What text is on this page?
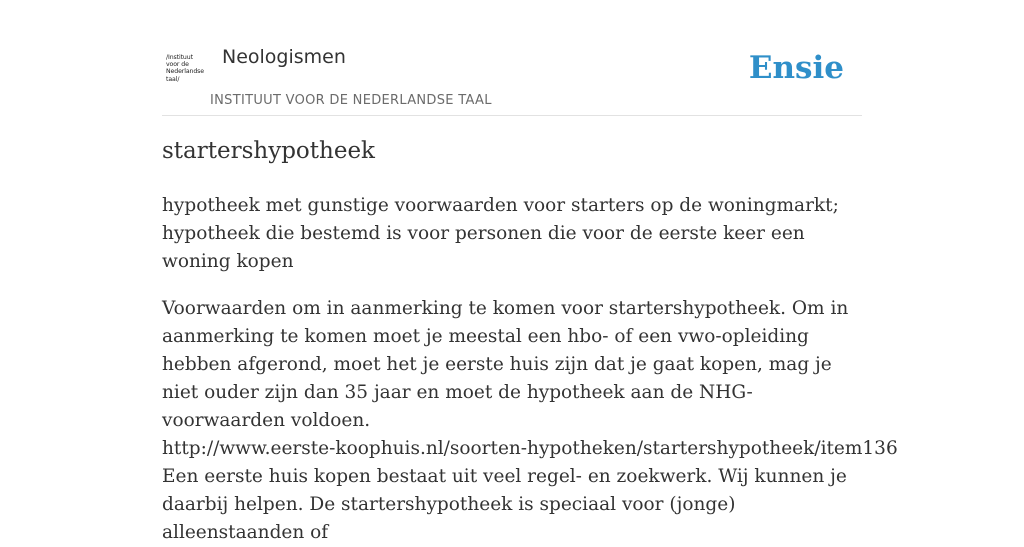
/Instituut
voor de
Nederlandse
taal/
Neologismen
INSTITUUT VOOR DE NEDERLANDSE TAAL
Ensie
startershypotheek

hypotheek met gunstige voorwaarden voor starters op de woningmarkt; hypotheek die bestemd is voor personen die voor de eerste keer een woning kopen

Voorwaarden om in aanmerking te komen voor startershypotheek. Om in aanmerking te komen moet je meestal een hbo- of een vwo-opleiding hebben afgerond, moet het je eerste huis zijn dat je gaat kopen, mag je niet ouder zijn dan 35 jaar en moet de hypotheek aan de NHG-voorwaarden voldoen.
http://www.eerste-koophuis.nl/soorten-hypotheken/startershypotheek/item136

Een eerste huis kopen bestaat uit veel regel- en zoekwerk. Wij kunnen je daarbij helpen. De startershypotheek is speciaal voor (jonge) alleenstaanden of
